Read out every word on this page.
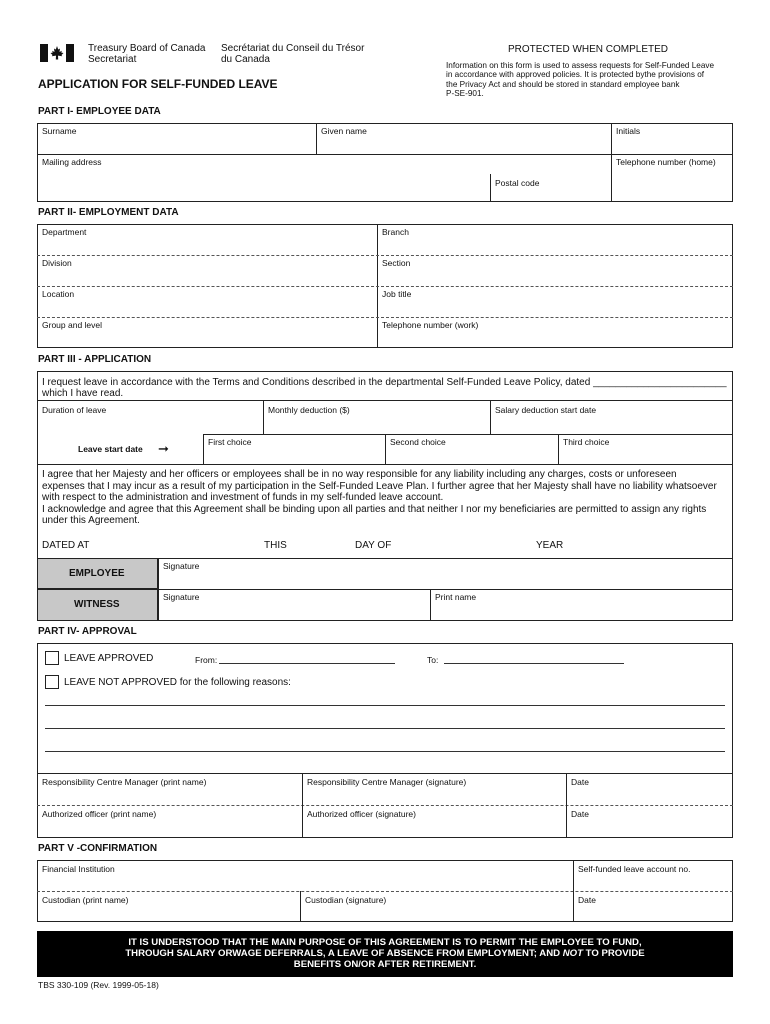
Treasury Board of Canada
Secretariat
Secrétariat du Conseil du Trésor
du Canada
PROTECTED WHEN COMPLETED
Information on this form is used to assess requests for Self-Funded Leave
in accordance with approved policies. It is protected bythe provisions of
the Privacy Act and should be stored in standard employee bank
P-SE-901.
APPLICATION FOR SELF-FUNDED LEAVE
PART I- EMPLOYEE DATA
Surname	Given name	Initials
Mailing address	Telephone number (home)
Postal code
PART II- EMPLOYMENT DATA
Department	Branch
Division	Section
Location	Job title
Group and level	Telephone number (work)
PART III - APPLICATION
I request leave in accordance with the Terms and Conditions described in the departmental Self-Funded Leave Policy, dated ________________________
which I have read.
Duration of leave	Monthly deduction ($)	Salary deduction start date
Leave start date ➞	First choice	Second choice	Third choice
I agree that her Majesty and her officers or employees shall be in no way responsible for any liability including any charges, costs or unforeseen
expenses that I may incur as a result of my participation in the Self-Funded Leave Plan. I further agree that her Majesty shall have no liability whatsoever
with respect to the administration and investment of funds in my self-funded leave account.
I acknowledge and agree that this Agreement shall be binding upon all parties and that neither I nor my beneficiaries are permitted to assign any rights
under this Agreement.
DATED AT	THIS	DAY OF	YEAR
EMPLOYEE
Signature
WITNESS
Signature	Print name
PART IV- APPROVAL
LEAVE APPROVED	From:	To:
LEAVE NOT APPROVED for the following reasons:
Responsibility Centre Manager (print name)	Responsibility Centre Manager (signature)	Date
Authorized officer (print name)	Authorized officer (signature)	Date
PART V -CONFIRMATION
Financial Institution	Self-funded leave account no.
Custodian (print name)	Custodian (signature)	Date
IT IS UNDERSTOOD THAT THE MAIN PURPOSE OF THIS AGREEMENT IS TO PERMIT THE EMPLOYEE TO FUND,
THROUGH SALARY ORWAGE DEFERRALS, A LEAVE OF ABSENCE FROM EMPLOYMENT; AND NOT TO PROVIDE
BENEFITS ON/OR AFTER RETIREMENT.
TBS 330-109 (Rev. 1999-05-18)
